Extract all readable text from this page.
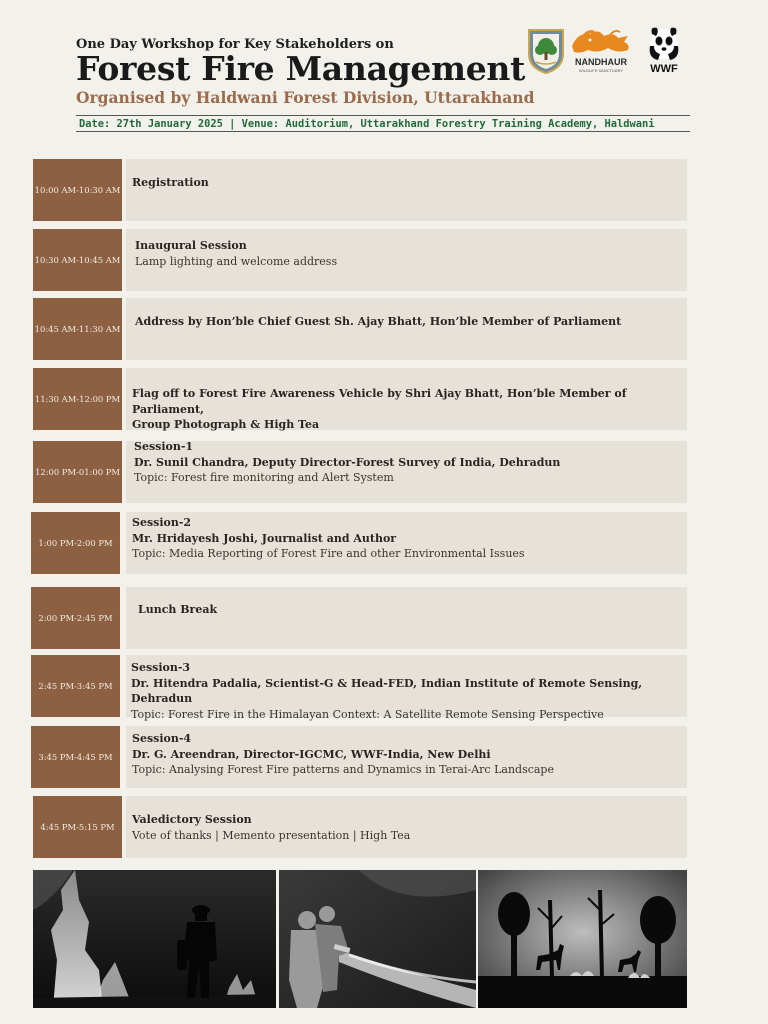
One Day Workshop for Key Stakeholders on
Forest Fire Management
Organised by Haldwani Forest Division, Uttarakhand
Date: 27th January 2025 | Venue: Auditorium, Uttarakhand Forestry Training Academy, Haldwani
NANDHAUR
WILDLIFE SANCTUARY WWF
10:00 AM-10:30 AM
Registration
10:30 AM-10:45 AM
Inaugural Session
Lamp lighting and welcome address
10:45 AM-11:30 AM
Address by Hon’ble Chief Guest Sh. Ajay Bhatt, Hon’ble Member of Parliament
11:30 AM-12:00 PM Flag off to Forest Fire Awareness Vehicle by Shri Ajay Bhatt, Hon’ble Member of Parliament,
Group Photograph & High Tea
12:00 PM-01:00 PM
Session-1
Dr. Sunil Chandra, Deputy Director-Forest Survey of India, Dehradun
Topic: Forest fire monitoring and Alert System
1:00 PM-2:00 PM
Session-2
Mr. Hridayesh Joshi, Journalist and Author
Topic: Media Reporting of Forest Fire and other Environmental Issues
2:00 PM-2:45 PM
Lunch Break
2:45 PM-3:45 PM
Session-3
Dr. Hitendra Padalia, Scientist-G & Head-FED, Indian Institute of Remote Sensing, Dehradun
Topic: Forest Fire in the Himalayan Context: A Satellite Remote Sensing Perspective
3:45 PM-4:45 PM
Session-4
Dr. G. Areendran, Director-IGCMC, WWF-India, New Delhi
Topic: Analysing Forest Fire patterns and Dynamics in Terai-Arc Landscape
4:45 PM-5:15 PM
Valedictory Session
Vote of thanks | Memento presentation | High Tea
